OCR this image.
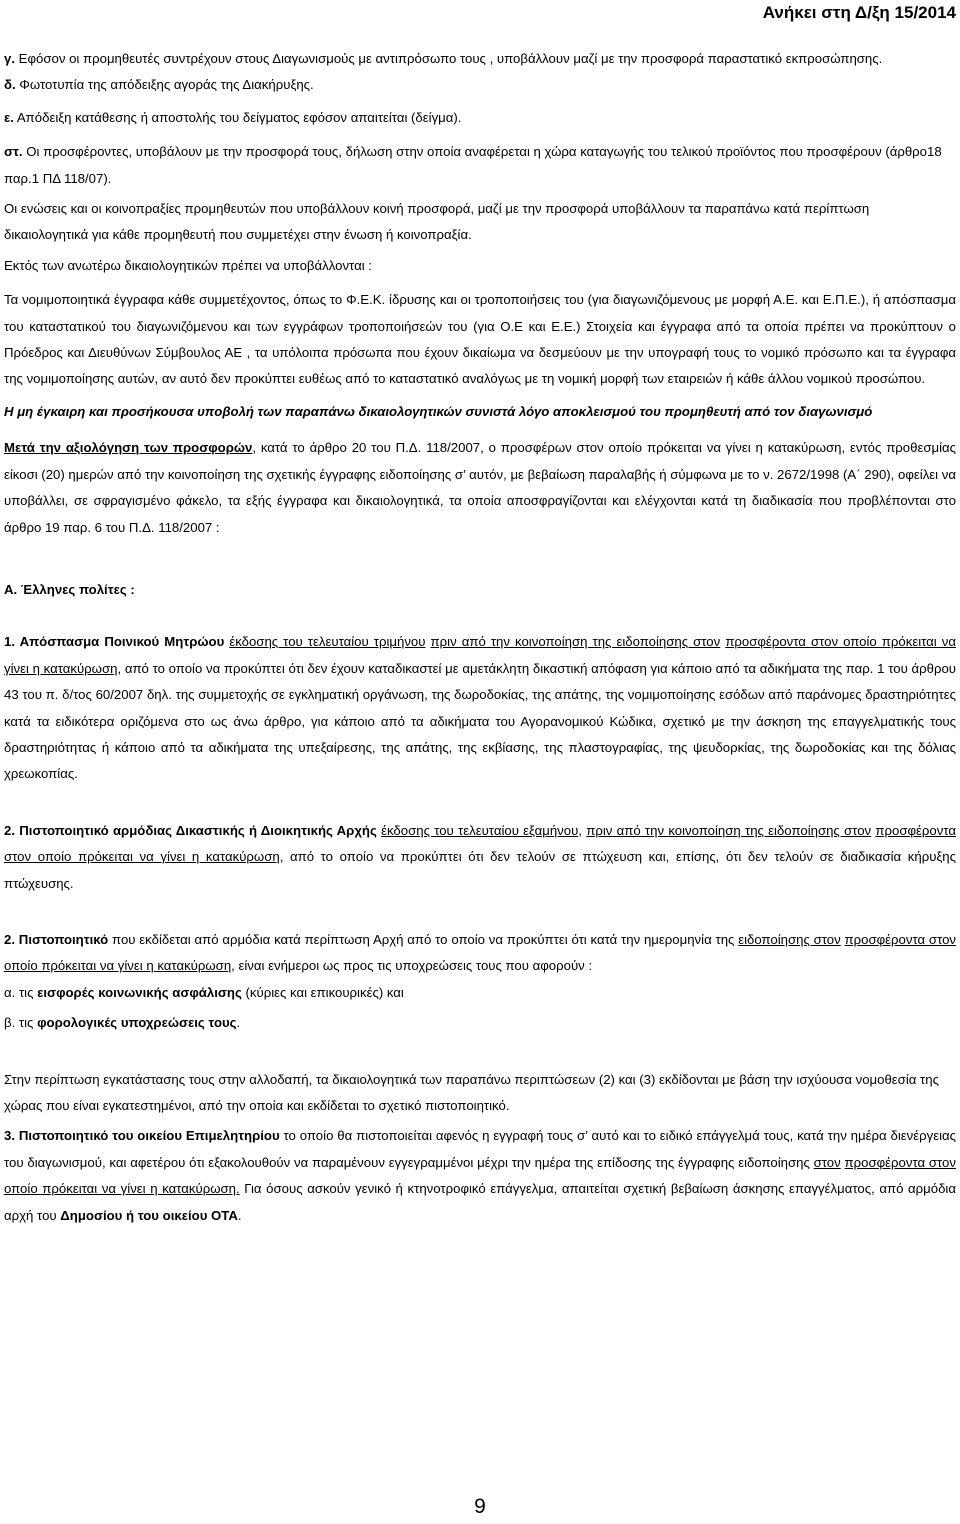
Ανήκει στη Δ/ξη 15/2014

γ. Εφόσον οι προμηθευτές συντρέχουν στους Διαγωνισμούς με αντιπρόσωπο τους , υποβάλλουν μαζί με την προσφορά παραστατικό εκπροσώπησης.

δ. Φωτοτυπία της απόδειξης αγοράς της Διακήρυξης.

ε. Απόδειξη κατάθεσης ή αποστολής του δείγματος εφόσον απαιτείται (δείγμα).

στ. Οι προσφέροντες, υποβάλουν με την προσφορά τους, δήλωση στην οποία αναφέρεται η χώρα καταγωγής του τελικού προϊόντος που προσφέρουν (άρθρο18 παρ.1 ΠΔ 118/07).

Οι ενώσεις και οι κοινοπραξίες προμηθευτών που υποβάλλουν κοινή προσφορά, μαζί με την προσφορά υποβάλλουν τα παραπάνω κατά περίπτωση δικαιολογητικά για κάθε προμηθευτή που συμμετέχει στην ένωση ή κοινοπραξία.

Εκτός των ανωτέρω δικαιολογητικών πρέπει να υποβάλλονται :

Τα νομιμοποιητικά έγγραφα κάθε συμμετέχοντος, όπως το Φ.Ε.Κ. ίδρυσης και οι τροποποιήσεις του (για διαγωνιζόμενους με μορφή Α.Ε. και Ε.Π.Ε.), ή απόσπασμα του καταστατικού του διαγωνιζόμενου και των εγγράφων τροποποιήσεών του (για Ο.Ε και Ε.Ε.) Στοιχεία και έγγραφα από τα οποία πρέπει να προκύπτουν ο Πρόεδρος και Διευθύνων Σύμβουλος ΑΕ , τα υπόλοιπα πρόσωπα που έχουν δικαίωμα να δεσμεύουν με την υπογραφή τους το νομικό πρόσωπο και τα έγγραφα της νομιμοποίησης αυτών, αν αυτό δεν προκύπτει ευθέως από το καταστατικό αναλόγως με τη νομική μορφή των εταιρειών ή κάθε άλλου νομικού προσώπου.

Η μη έγκαιρη και προσήκουσα υποβολή των παραπάνω δικαιολογητικών συνιστά λόγο αποκλεισμού του προμηθευτή από τον διαγωνισμό

Μετά την αξιολόγηση των προσφορών, κατά το άρθρο 20 του Π.Δ. 118/2007, ο προσφέρων στον οποίο πρόκειται να γίνει η κατακύρωση, εντός προθεσμίας είκοσι (20) ημερών από την κοινοποίηση της σχετικής έγγραφης ειδοποίησης σ’ αυτόν, με βεβαίωση παραλαβής ή σύμφωνα με το ν. 2672/1998 (Α΄ 290), οφείλει να υποβάλλει, σε σφραγισμένο φάκελο, τα εξής έγγραφα και δικαιολογητικά, τα οποία αποσφραγίζονται και ελέγχονται κατά τη διαδικασία που προβλέπονται στο άρθρο 19 παρ. 6 του Π.Δ. 118/2007 :

Α. Έλληνες πολίτες :

1. Απόσπασμα Ποινικού Μητρώου έκδοσης του τελευταίου τριμήνου πριν από την κοινοποίηση της ειδοποίησης στον προσφέροντα στον οποίο πρόκειται να γίνει η κατακύρωση, από το οποίο να προκύπτει ότι δεν έχουν καταδικαστεί με αμετάκλητη δικαστική απόφαση για κάποιο από τα αδικήματα της παρ. 1 του άρθρου 43 του π. δ/τος 60/2007 δηλ. της συμμετοχής σε εγκληματική οργάνωση, της δωροδοκίας, της απάτης, της νομιμοποίησης εσόδων από παράνομες δραστηριότητες κατά τα ειδικότερα οριζόμενα στο ως άνω άρθρο, για κάποιο από τα αδικήματα του Αγορανομικού Κώδικα, σχετικό με την άσκηση της επαγγελματικής τους δραστηριότητας ή κάποιο από τα αδικήματα της υπεξαίρεσης, της απάτης, της εκβίασης, της πλαστογραφίας, της ψευδορκίας, της δωροδοκίας και της δόλιας χρεωκοπίας.

2. Πιστοποιητικό αρμόδιας Δικαστικής ή Διοικητικής Αρχής έκδοσης του τελευταίου εξαμήνου, πριν από την κοινοποίηση της ειδοποίησης στον προσφέροντα στον οποίο πρόκειται να γίνει η κατακύρωση, από το οποίο να προκύπτει ότι δεν τελούν σε πτώχευση και, επίσης, ότι δεν τελούν σε διαδικασία κήρυξης πτώχευσης.

2. Πιστοποιητικό που εκδίδεται από αρμόδια κατά περίπτωση Αρχή από το οποίο να προκύπτει ότι κατά την ημερομηνία της ειδοποίησης στον προσφέροντα στον οποίο πρόκειται να γίνει η κατακύρωση, είναι ενήμεροι ως προς τις υποχρεώσεις τους που αφορούν :

α. τις εισφορές κοινωνικής ασφάλισης (κύριες και επικουρικές) και

β. τις φορολογικές υποχρεώσεις τους.

Στην περίπτωση εγκατάστασης τους στην αλλοδαπή, τα δικαιολογητικά των παραπάνω περιπτώσεων (2) και (3) εκδίδονται με βάση την ισχύουσα νομοθεσία της χώρας που είναι εγκατεστημένοι, από την οποία και εκδίδεται το σχετικό πιστοποιητικό.

3. Πιστοποιητικό του οικείου Επιμελητηρίου το οποίο θα πιστοποιείται αφενός η εγγραφή τους σ’ αυτό και το ειδικό επάγγελμά τους, κατά την ημέρα διενέργειας του διαγωνισμού, και αφετέρου ότι εξακολουθούν να παραμένουν εγγεγραμμένοι μέχρι την ημέρα της επίδοσης της έγγραφης ειδοποίησης στον προσφέροντα στον οποίο πρόκειται να γίνει η κατακύρωση. Για όσους ασκούν γενικό ή κτηνοτροφικό επάγγελμα, απαιτείται σχετική βεβαίωση άσκησης επαγγέλματος, από αρμόδια αρχή του Δημοσίου ή του οικείου ΟΤΑ.

9
